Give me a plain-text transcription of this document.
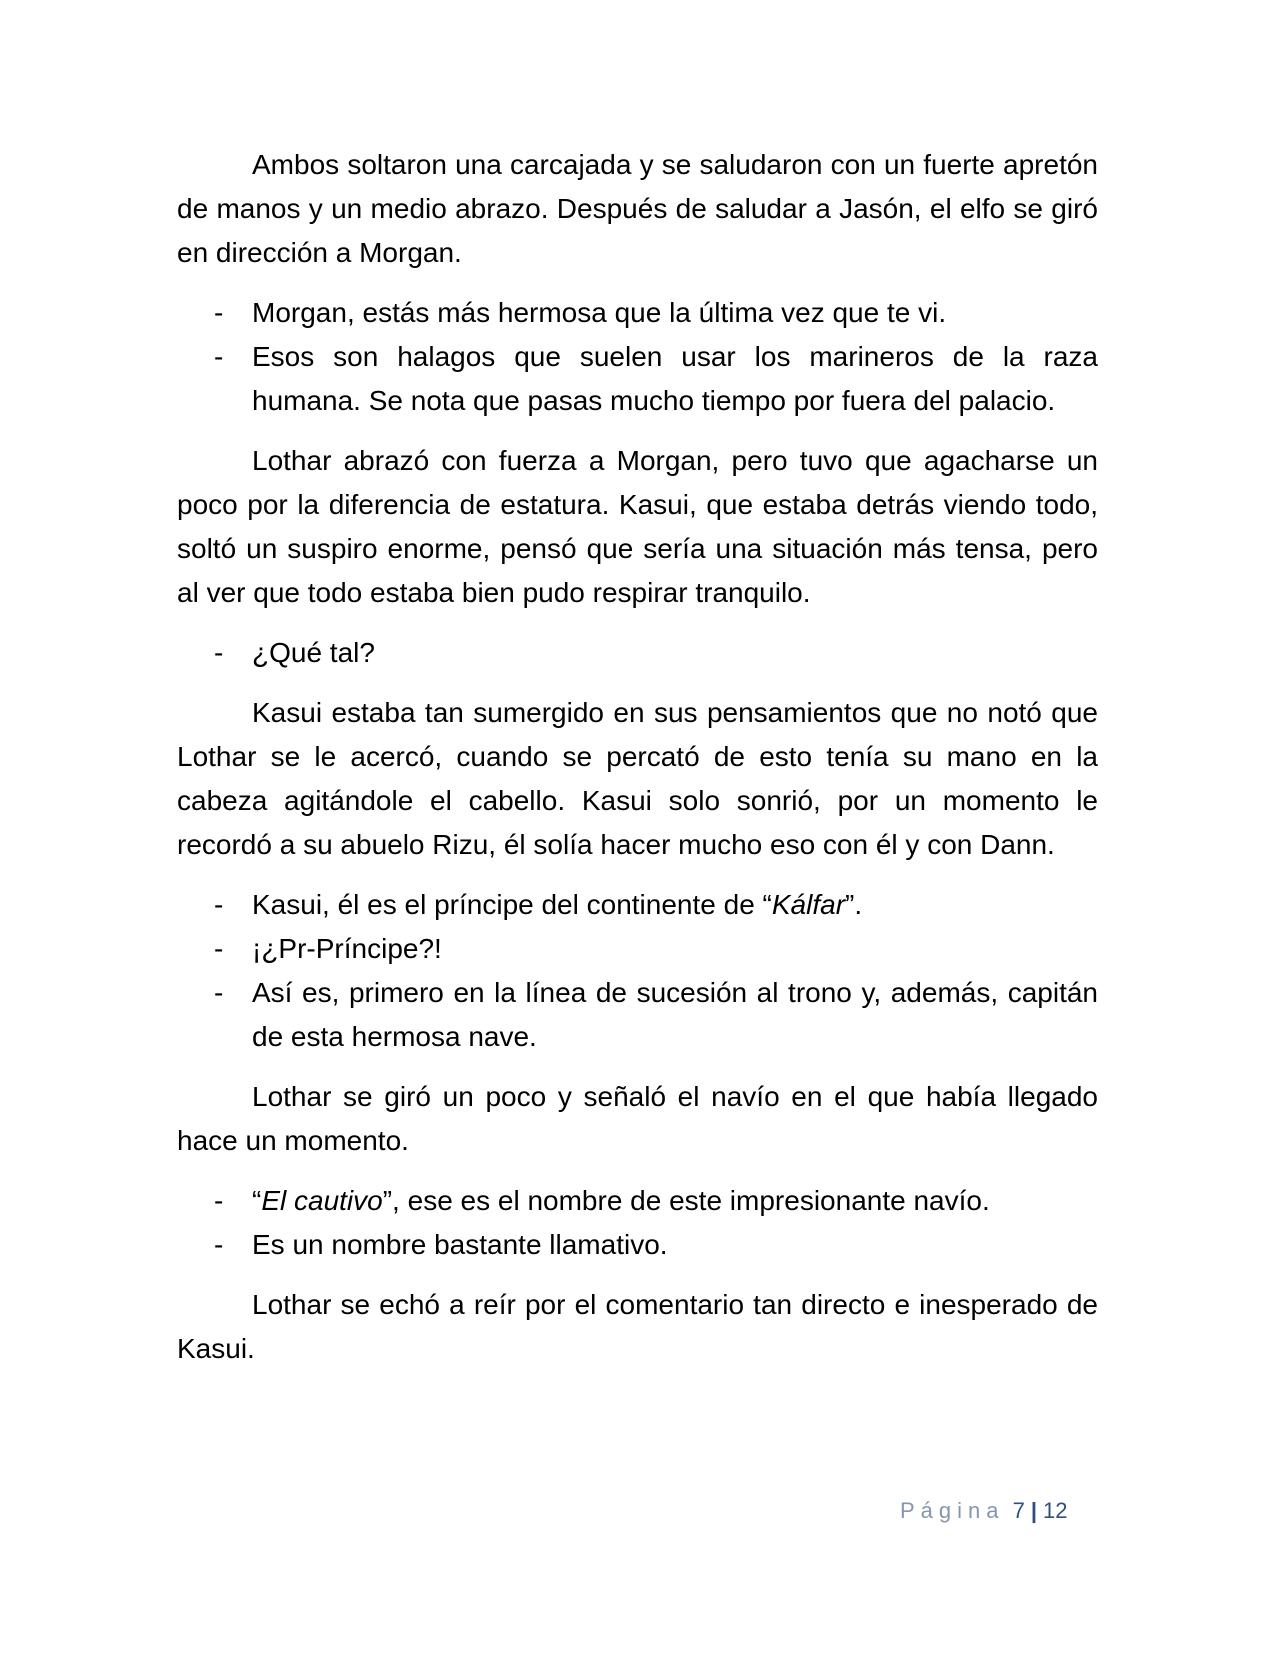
Ambos soltaron una carcajada y se saludaron con un fuerte apretón de manos y un medio abrazo. Después de saludar a Jasón, el elfo se giró en dirección a Morgan.

- Morgan, estás más hermosa que la última vez que te vi.
- Esos son halagos que suelen usar los marineros de la raza humana. Se nota que pasas mucho tiempo por fuera del palacio.

Lothar abrazó con fuerza a Morgan, pero tuvo que agacharse un poco por la diferencia de estatura. Kasui, que estaba detrás viendo todo, soltó un suspiro enorme, pensó que sería una situación más tensa, pero al ver que todo estaba bien pudo respirar tranquilo.

- ¿Qué tal?

Kasui estaba tan sumergido en sus pensamientos que no notó que Lothar se le acercó, cuando se percató de esto tenía su mano en la cabeza agitándole el cabello. Kasui solo sonrió, por un momento le recordó a su abuelo Rizu, él solía hacer mucho eso con él y con Dann.

- Kasui, él es el príncipe del continente de “Kálfar”.
- ¡¿Pr-Príncipe?!
- Así es, primero en la línea de sucesión al trono y, además, capitán de esta hermosa nave.

Lothar se giró un poco y señaló el navío en el que había llegado hace un momento.

- “El cautivo”, ese es el nombre de este impresionante navío.
- Es un nombre bastante llamativo.

Lothar se echó a reír por el comentario tan directo e inesperado de Kasui.

Página 7 | 12
